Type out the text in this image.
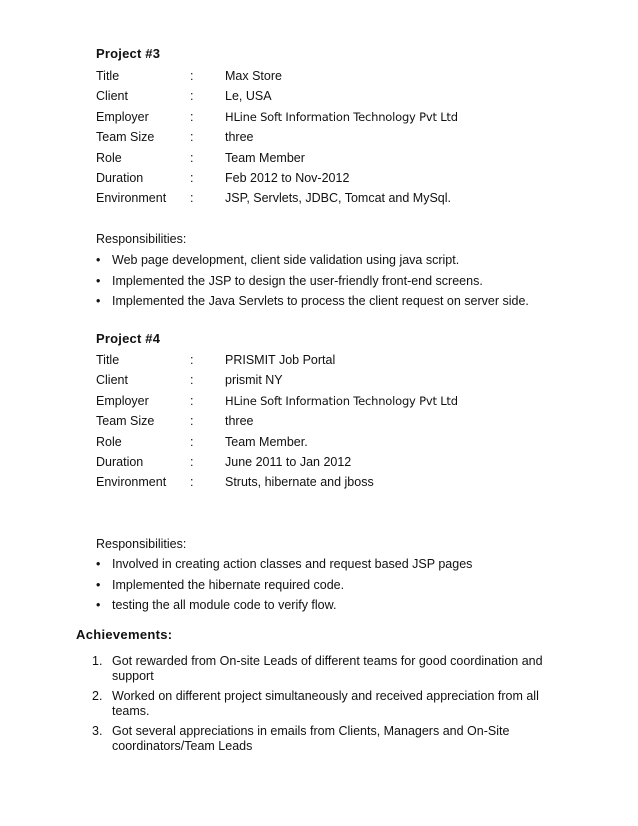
Project #3
Title	:	Max Store
Client	:	Le, USA
Employer	:	HLine Soft Information Technology Pvt Ltd
Team Size	:	three
Role	:	Team Member
Duration	:	Feb 2012 to Nov-2012
Environment	:	JSP, Servlets, JDBC, Tomcat and MySql.
Responsibilities:
• Web page development, client side validation using java script.
• Implemented the JSP to design the user-friendly front-end screens.
• Implemented the Java Servlets to process the client request on server side.
Project #4
Title	:	PRISMIT Job Portal
Client	:	prismit NY
Employer	:	HLine Soft Information Technology Pvt Ltd
Team Size	:	three
Role	:	Team Member.
Duration	:	June 2011 to Jan 2012
Environment	:	Struts, hibernate and jboss
Responsibilities:
• Involved in creating action classes and request based JSP pages
• Implemented the hibernate required code.
• testing the all module code to verify flow.
Achievements:
1. Got rewarded from On-site Leads of different teams for good coordination and support
2. Worked on different project simultaneously and received appreciation from all teams.
3. Got several appreciations in emails from Clients, Managers and On-Site coordinators/Team Leads
